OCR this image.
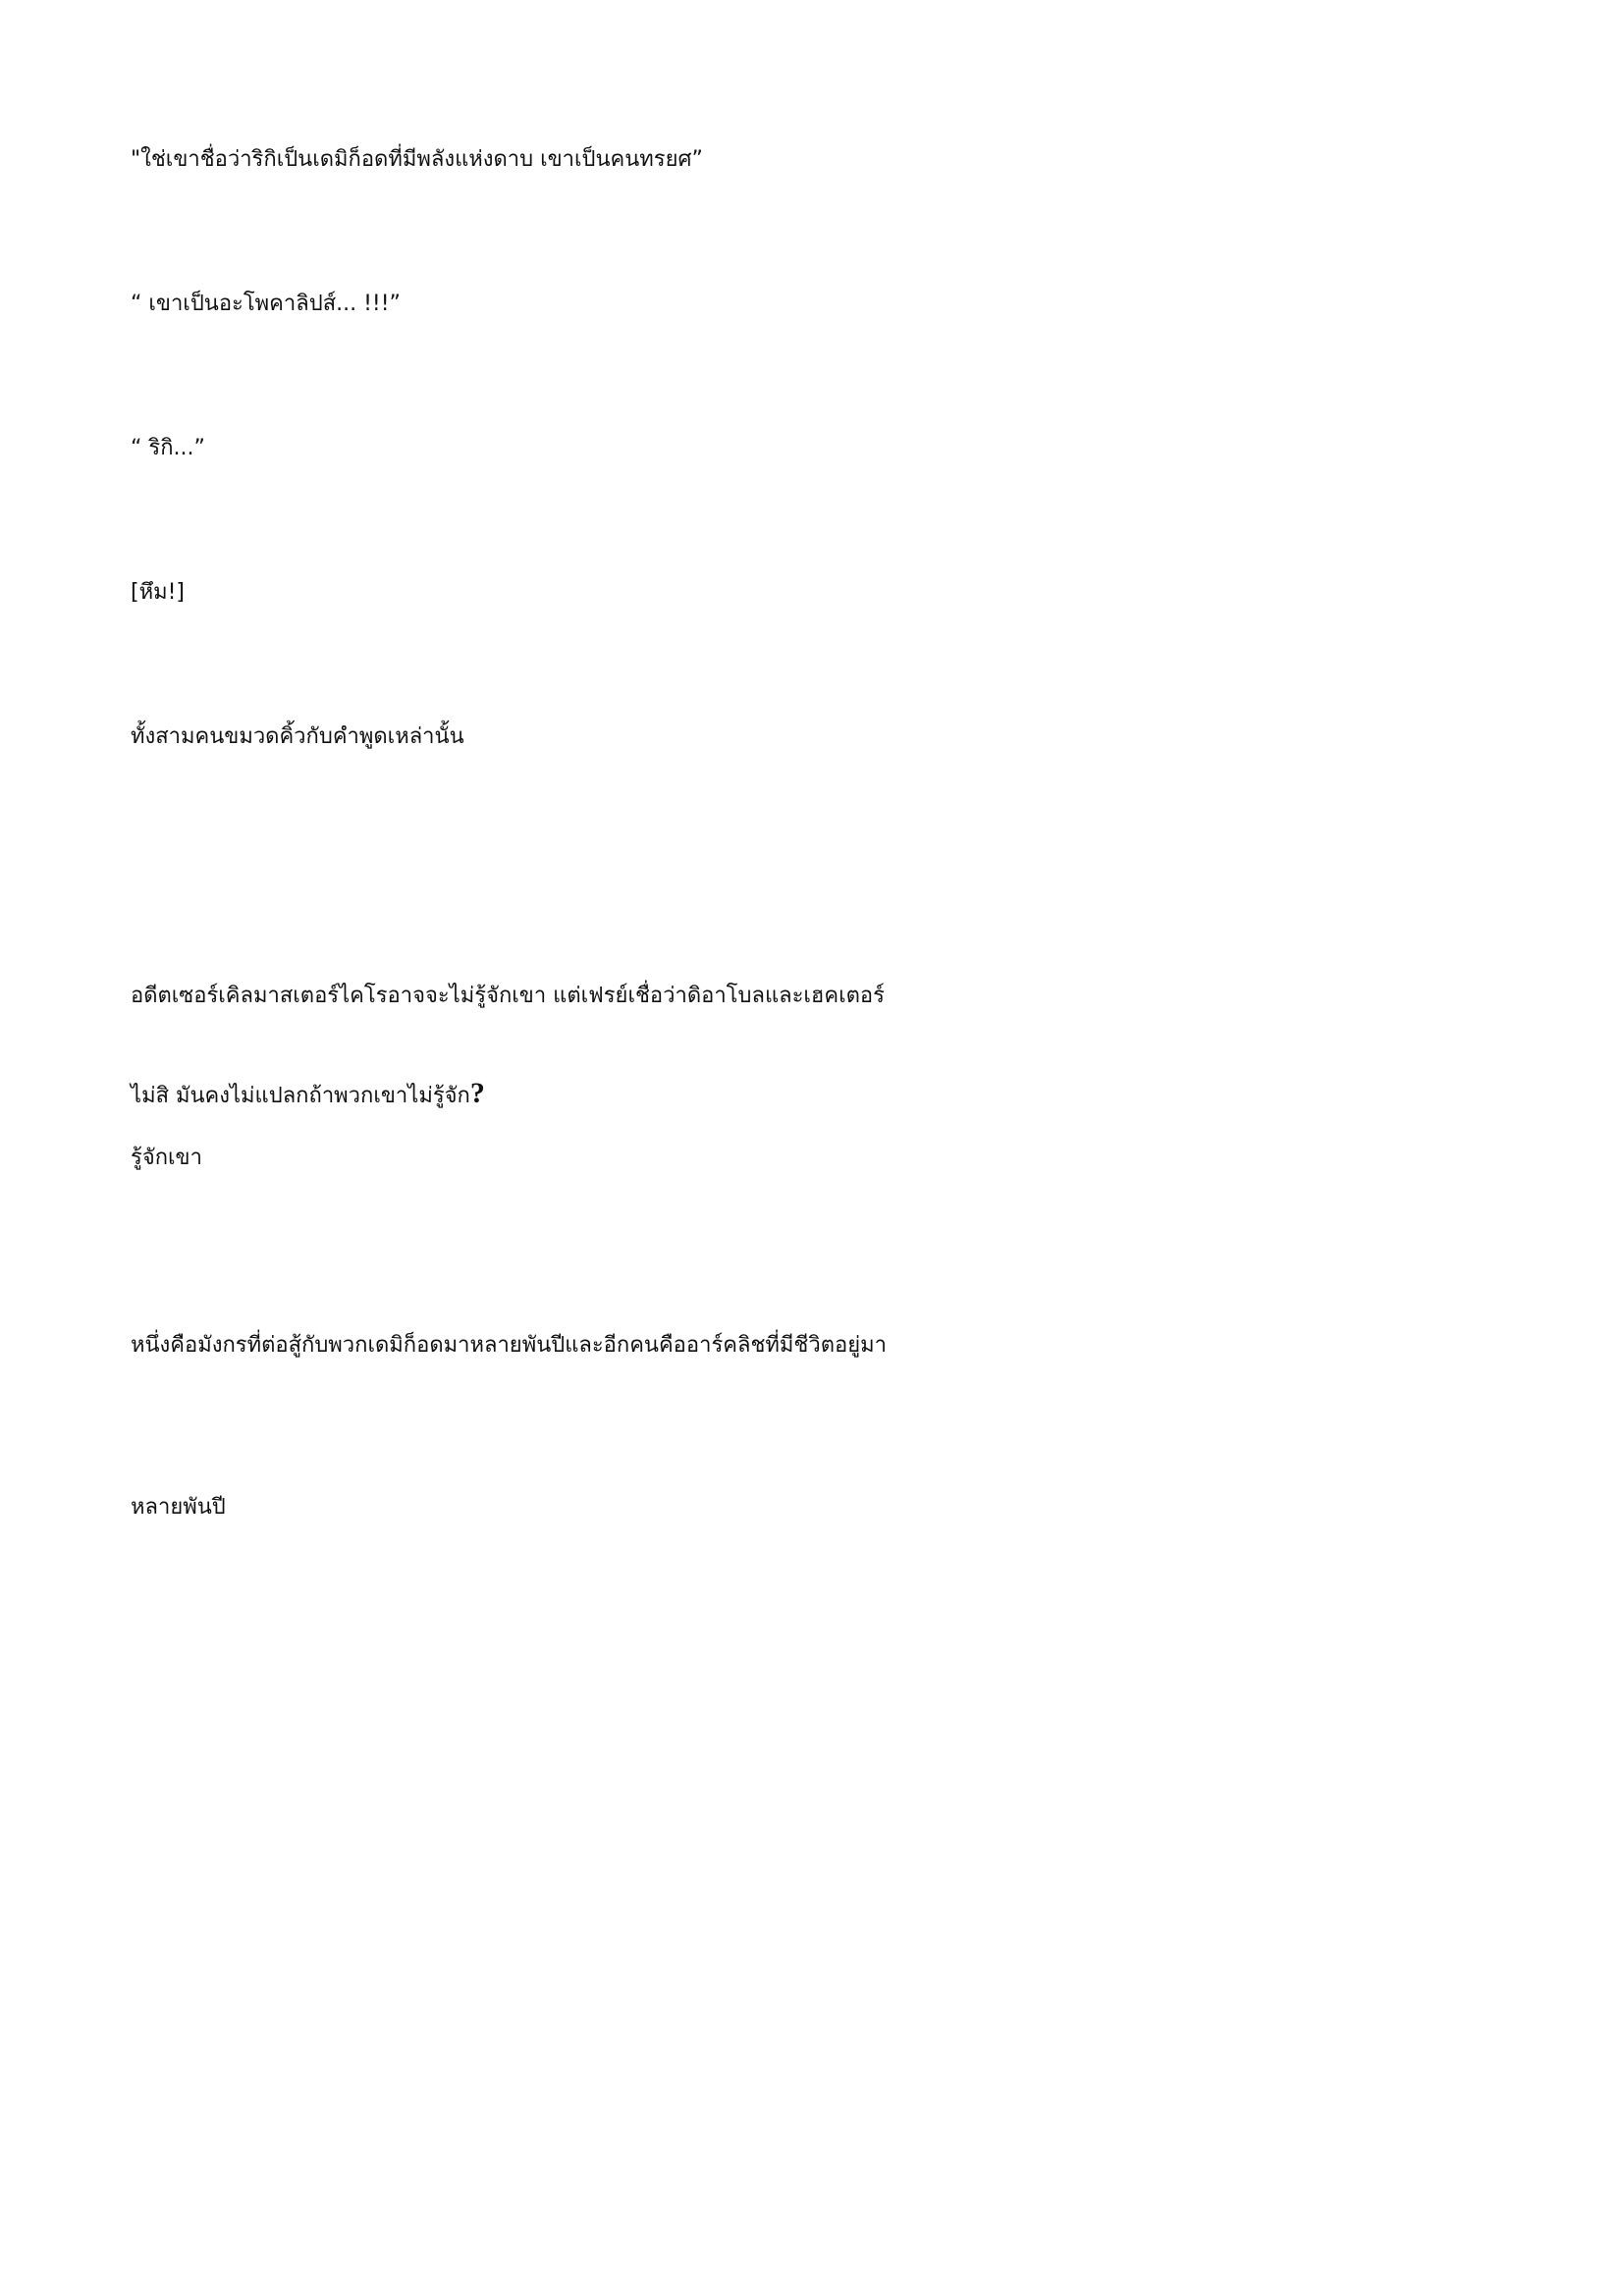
"ใช่เขาชื่อว่าริกิเป็นเดมิก็อดที่มีพลังแห่งดาบ เขาเป็นคนทรยศ”

“ เขาเป็นอะโพคาลิปส์... !!!”

“ ริกิ...”

[หึม!]

ทั้งสามคนขมวดคิ้วกับคำพูดเหล่านั้น

อดีตเซอร์เคิลมาสเตอร์ไคโรอาจจะไม่รู้จักเขา แต่เฟรย์เชื่อว่าดิอาโบลและเฮคเตอร์

รู้จักเขา

ไม่สิ มันคงไม่แปลกถ้าพวกเขาไม่รู้จัก?

หนึ่งคือมังกรที่ต่อสู้กับพวกเดมิก็อดมาหลายพันปีและอีกคนคืออาร์คลิชที่มีชีวิตอยู่มา

หลายพันปี
